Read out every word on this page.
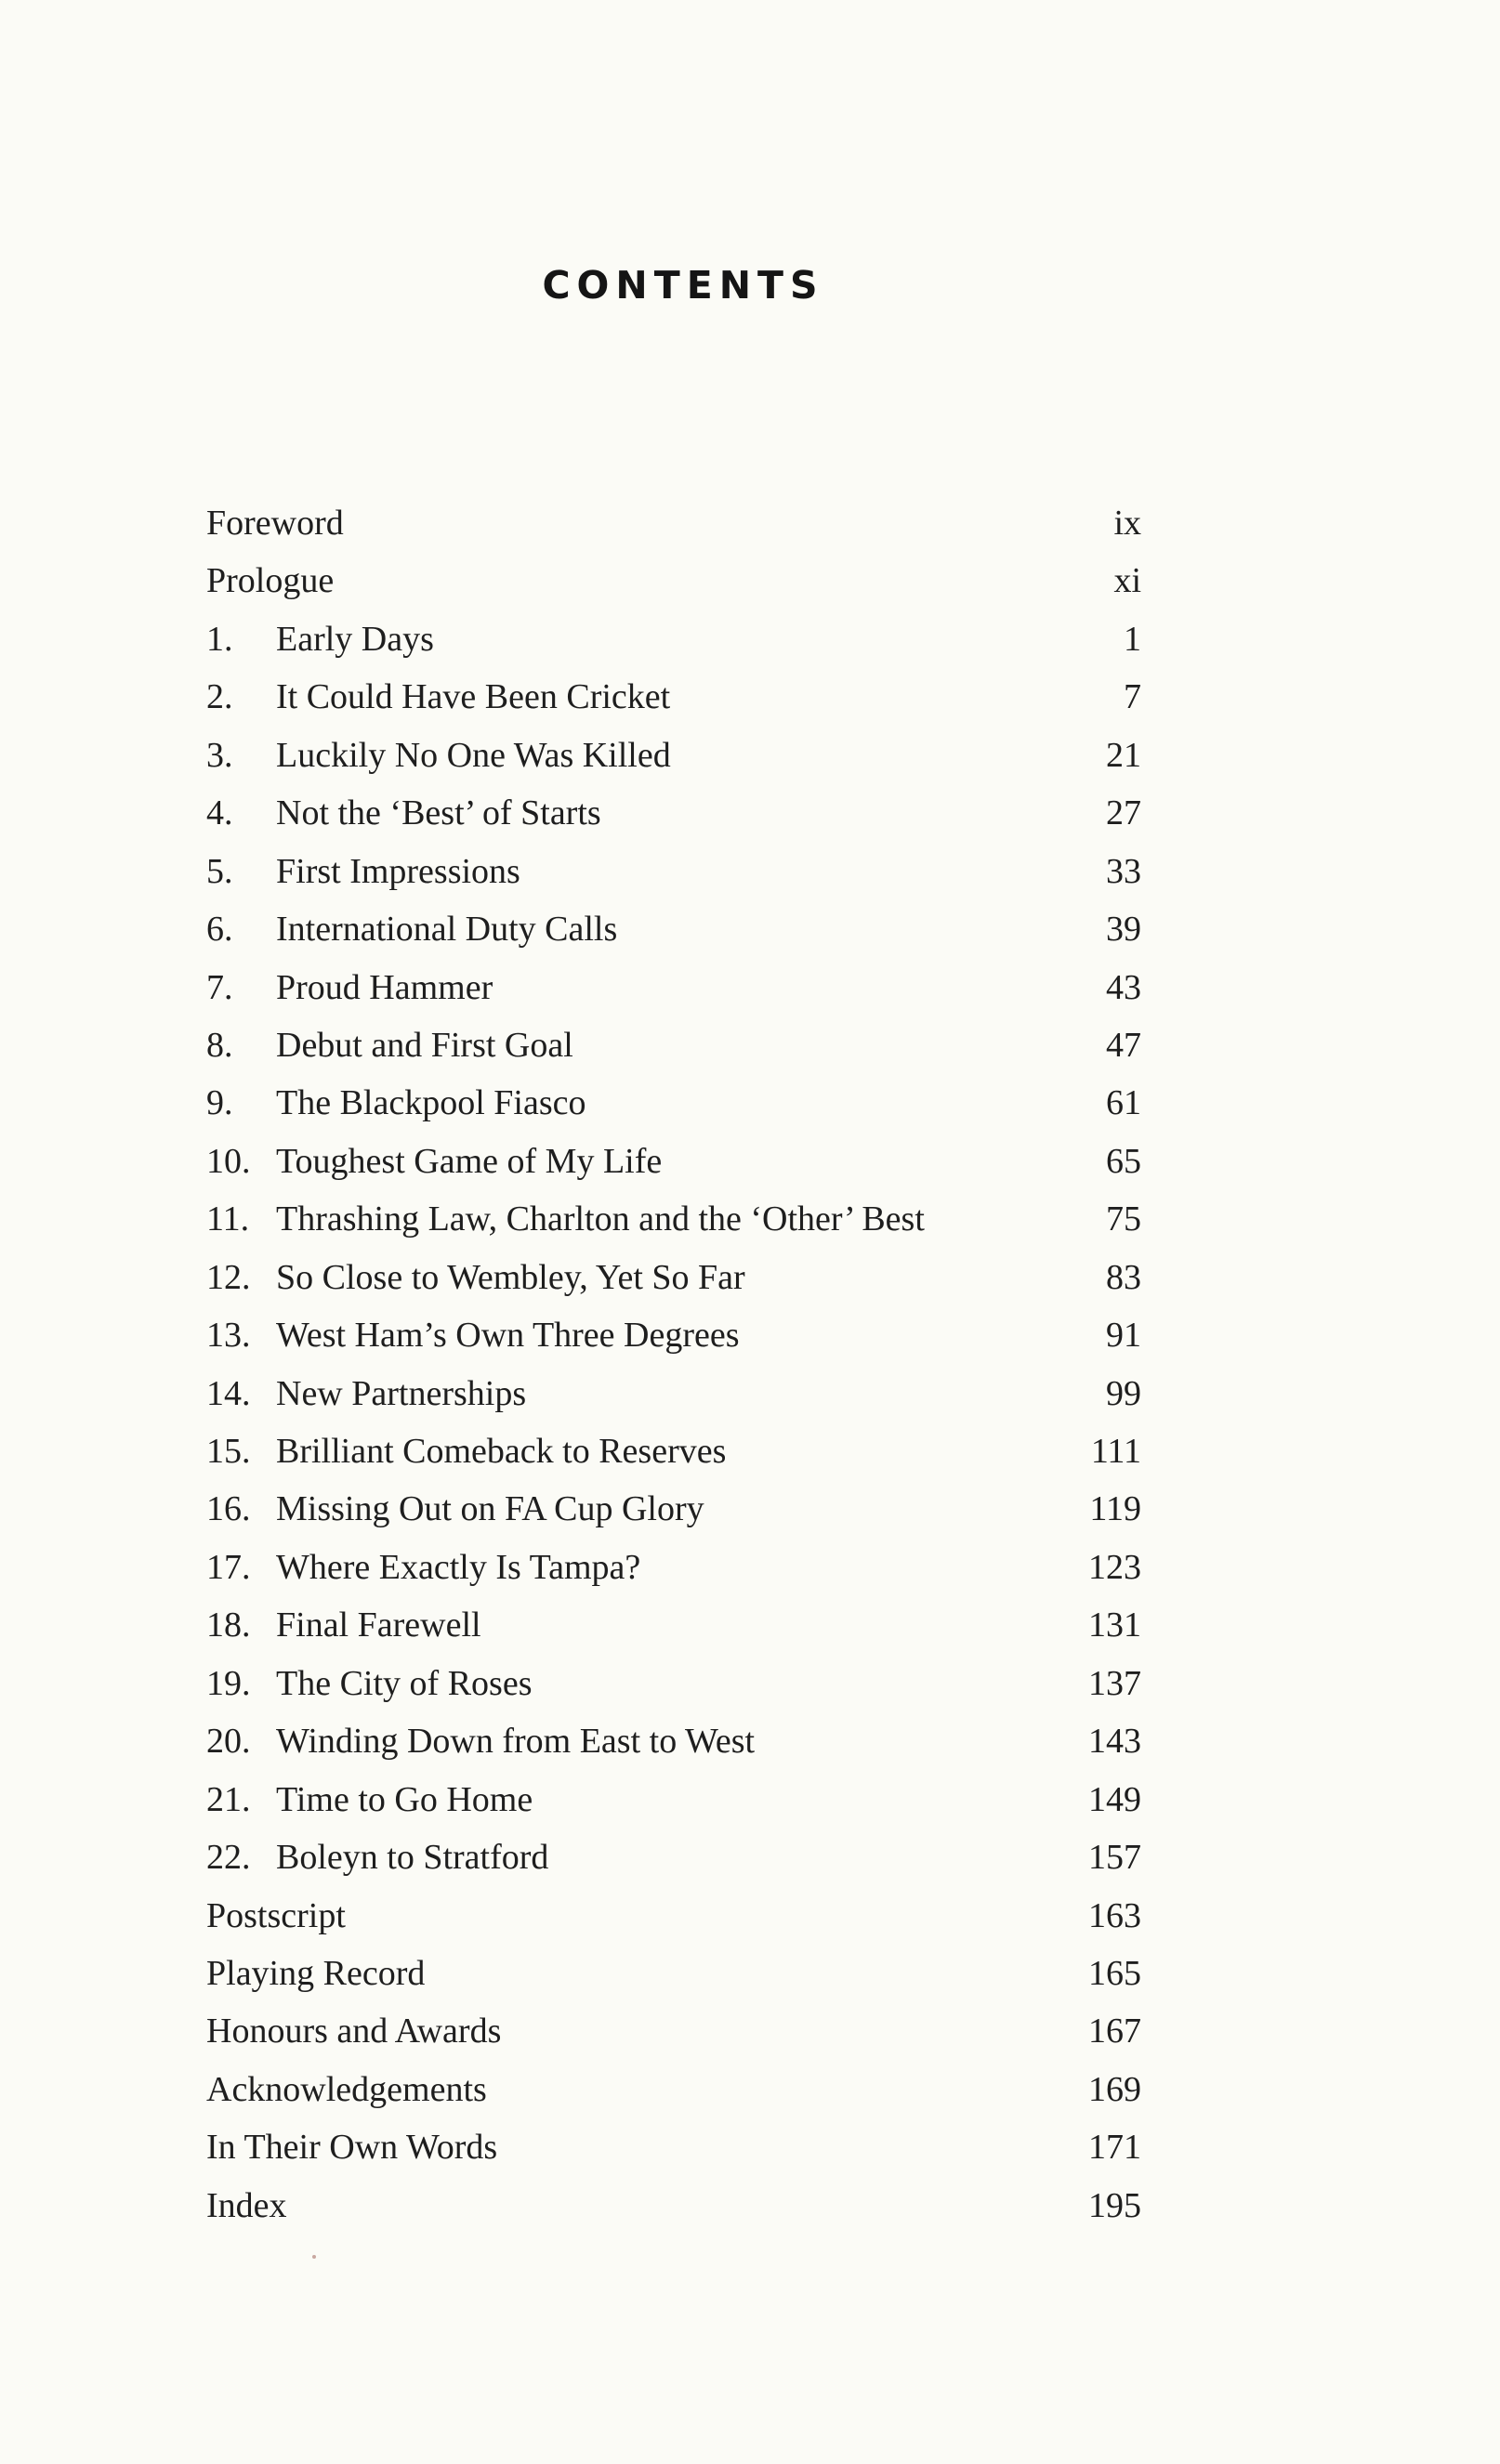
CONTENTS
Foreword	ix
Prologue	xi
1. Early Days	1
2. It Could Have Been Cricket	7
3. Luckily No One Was Killed	21
4. Not the ‘Best’ of Starts	27
5. First Impressions	33
6. International Duty Calls	39
7. Proud Hammer	43
8. Debut and First Goal	47
9. The Blackpool Fiasco	61
10. Toughest Game of My Life	65
11. Thrashing Law, Charlton and the ‘Other’ Best	75
12. So Close to Wembley, Yet So Far	83
13. West Ham’s Own Three Degrees	91
14. New Partnerships	99
15. Brilliant Comeback to Reserves	111
16. Missing Out on FA Cup Glory	119
17. Where Exactly Is Tampa?	123
18. Final Farewell	131
19. The City of Roses	137
20. Winding Down from East to West	143
21. Time to Go Home	149
22. Boleyn to Stratford	157
Postscript	163
Playing Record	165
Honours and Awards	167
Acknowledgements	169
In Their Own Words	171
Index	195
